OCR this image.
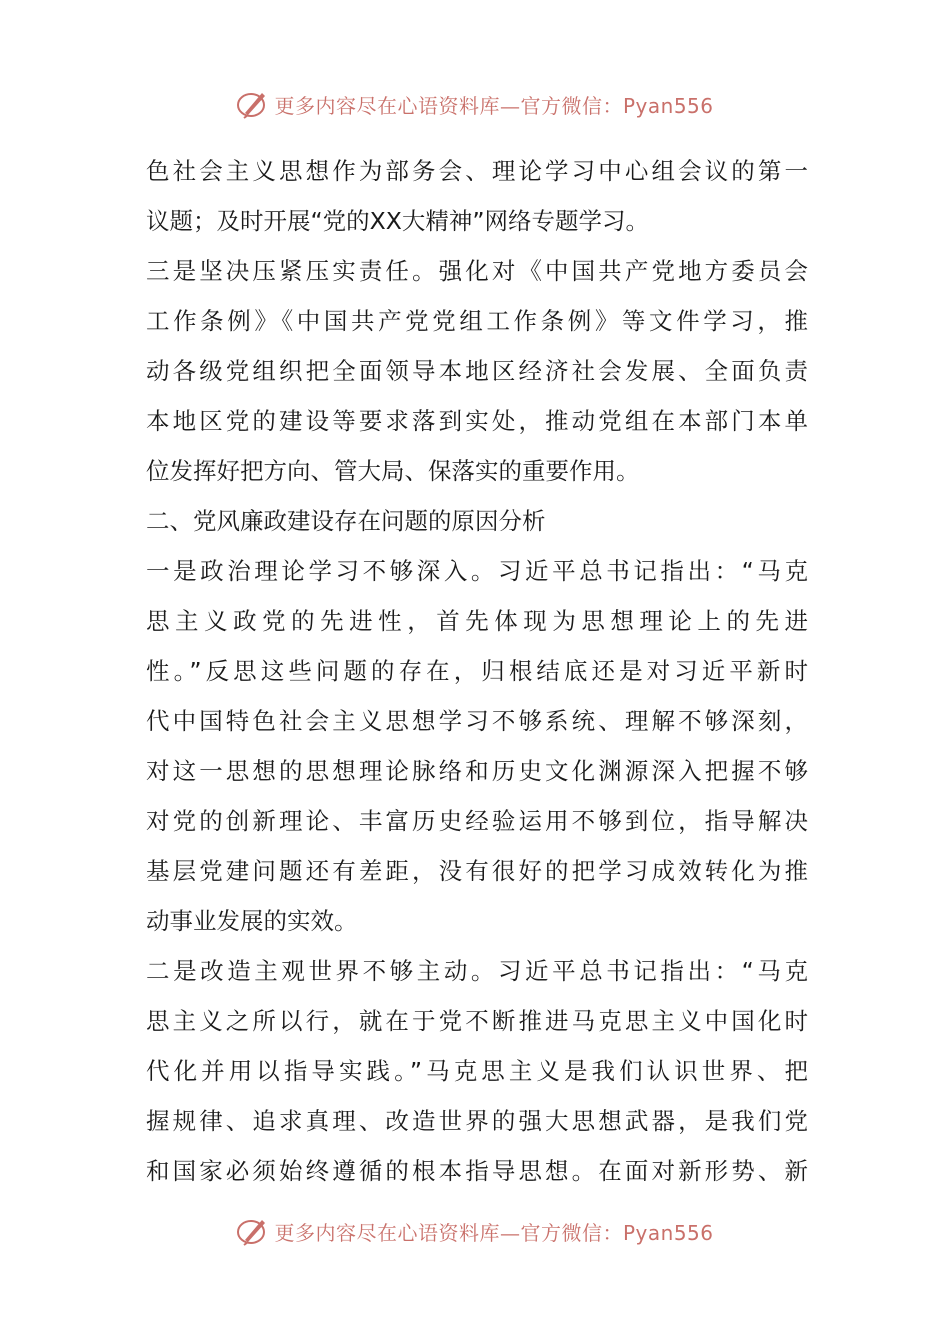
更多内容尽在心语资料库—官方微信：Pyan556
色社会主义思想作为部务会、理论学习中心组会议的第一
议题；及时开展“党的XX大精神”网络专题学习。
三是坚决压紧压实责任。强化对《中国共产党地方委员会
工作条例》《中国共产党党组工作条例》等文件学习，推
动各级党组织把全面领导本地区经济社会发展、全面负责
本地区党的建设等要求落到实处，推动党组在本部门本单
位发挥好把方向、管大局、保落实的重要作用。
二、党风廉政建设存在问题的原因分析
一是政治理论学习不够深入。习近平总书记指出：“马克
思主义政党的先进性，首先体现为思想理论上的先进
性。”反思这些问题的存在，归根结底还是对习近平新时
代中国特色社会主义思想学习不够系统、理解不够深刻，
对这一思想的思想理论脉络和历史文化渊源深入把握不够
对党的创新理论、丰富历史经验运用不够到位，指导解决
基层党建问题还有差距，没有很好的把学习成效转化为推
动事业发展的实效。
二是改造主观世界不够主动。习近平总书记指出：“马克
思主义之所以行，就在于党不断推进马克思主义中国化时
代化并用以指导实践。”马克思主义是我们认识世界、把
握规律、追求真理、改造世界的强大思想武器，是我们党
和国家必须始终遵循的根本指导思想。在面对新形势、新
更多内容尽在心语资料库—官方微信：Pyan556
